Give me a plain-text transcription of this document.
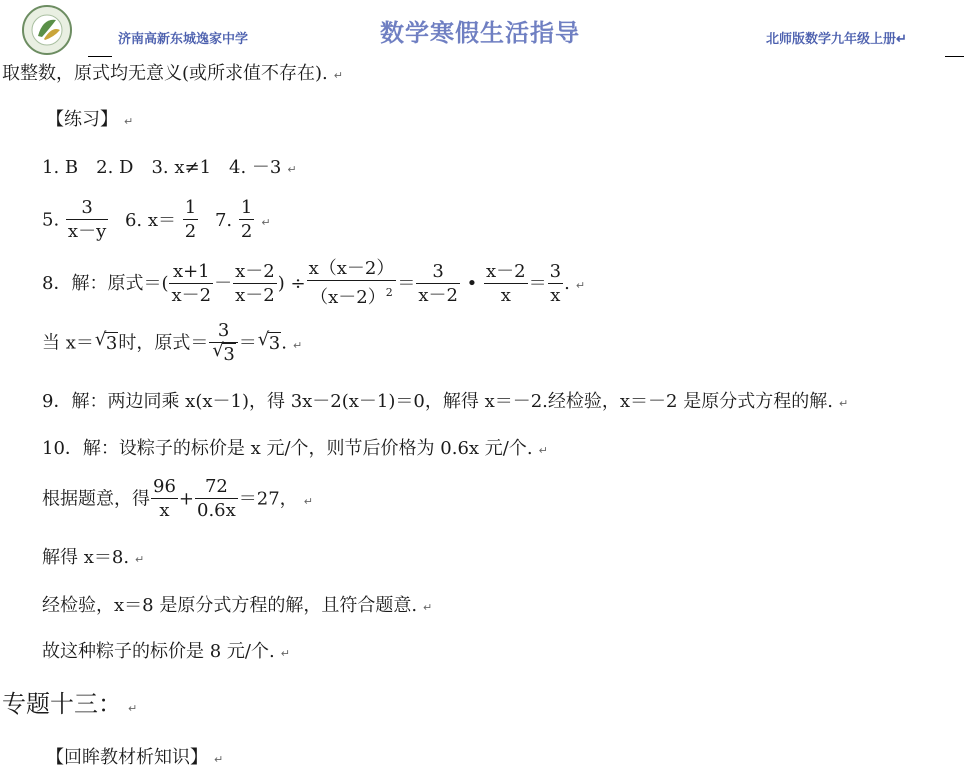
济南高新东城逸家中学	数学寒假生活指导	北师版数学九年级上册↵
取整数，原式均无意义(或所求值不存在). ↵
【练习】 ↵
1. B　2. D　3. x≠1　4. －3 ↵
5. $\frac{3}{x-y} 6$. $x= \frac{1}{2} 7$. $\frac{1}{2}$ ↵
8．解：原式＝( $\frac{x+1}{x-2} - \frac{x-2}{x-2}$ ) ÷ $\frac{x(x-2)}{(x-2)^2} = \frac{3}{x-2}$ • $\frac{x-2}{x} = \frac{3}{x}$ . ↵
当 x＝ √ 3时，原式＝ $\frac{3}{√ 3}$ ＝ √ 3. ↵
9．解：两边同乘 x(x－1)，得 3x－2(x－1)＝0，解得 x＝－2.经检验，x＝－2 是原分式方程的解. ↵
10．解：设粽子的标价是 x 元/个，则节后价格为 0.6x 元/个. ↵
根据题意，得 $\frac{96}{x} + \frac{72}{0.6x} =27$， ↵
解得 x＝8. ↵
经检验，x＝8 是原分式方程的解，且符合题意. ↵
故这种粽子的标价是 8 元/个. ↵
专题十三： ↵
【回眸教材析知识】 ↵
